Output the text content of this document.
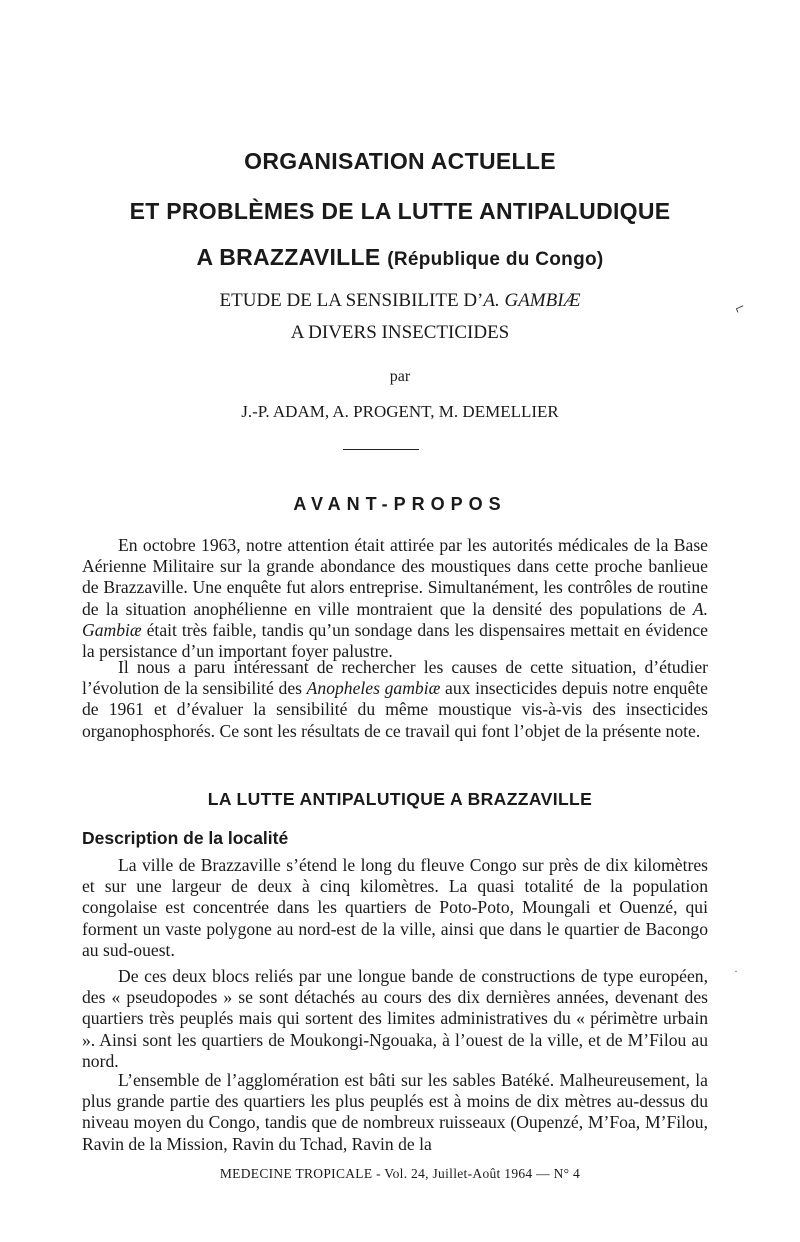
ORGANISATION ACTUELLE
ET PROBLÈMES DE LA LUTTE ANTIPALUDIQUE
A BRAZZAVILLE (République du Congo)
ETUDE DE LA SENSIBILITE D’A. GAMBIÆ
A DIVERS INSECTICIDES
par
J.-P. ADAM, A. PROGENT, M. DEMELLIER
⌐
AVANT-PROPOS

En octobre 1963, notre attention était attirée par les autorités médicales de la Base Aérienne Militaire sur la grande abondance des moustiques dans cette proche banlieue de Brazzaville. Une enquête fut alors entreprise. Simultanément, les contrôles de routine de la situation anophélienne en ville montraient que la densité des populations de A. Gambiæ était très faible, tandis qu’un sondage dans les dispensaires mettait en évidence la persistance d’un important foyer palustre.

Il nous a paru intéressant de rechercher les causes de cette situation, d’étudier l’évolution de la sensibilité des Anopheles gambiæ aux insecticides depuis notre enquête de 1961 et d’évaluer la sensibilité du même moustique vis-à-vis des insecticides organophosphorés. Ce sont les résultats de ce travail qui font l’objet de la présente note.

LA LUTTE ANTIPALUTIQUE A BRAZZAVILLE
Description de la localité

La ville de Brazzaville s’étend le long du fleuve Congo sur près de dix kilomètres et sur une largeur de deux à cinq kilomètres. La quasi totalité de la population congolaise est concentrée dans les quartiers de Poto-Poto, Moungali et Ouenzé, qui forment un vaste polygone au nord-est de la ville, ainsi que dans le quartier de Bacongo au sud-ouest.

De ces deux blocs reliés par une longue bande de constructions de type européen, des « pseudopodes » se sont détachés au cours des dix dernières années, devenant des quartiers très peuplés mais qui sortent des limites administratives du « périmètre urbain ». Ainsi sont les quartiers de Moukongi-Ngouaka, à l’ouest de la ville, et de M’Filou au nord.

L’ensemble de l’agglomération est bâti sur les sables Batéké. Malheureusement, la plus grande partie des quartiers les plus peuplés est à moins de dix mètres au-dessus du niveau moyen du Congo, tandis que de nombreux ruisseaux (Oupenzé, M’Foa, M’Filou, Ravin de la Mission, Ravin du Tchad, Ravin de la

·
MEDECINE TROPICALE - Vol. 24, Juillet-Août 1964 — N° 4
